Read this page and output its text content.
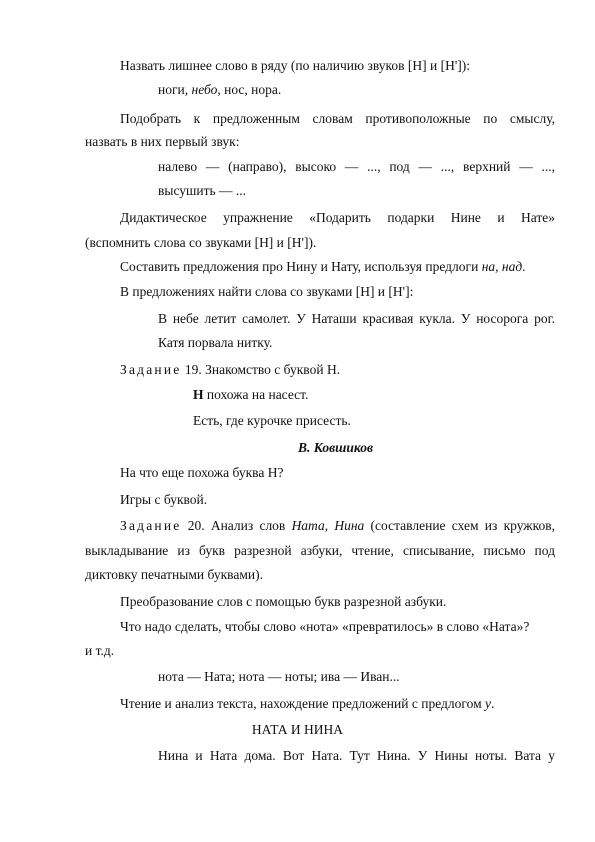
Назвать лишнее слово в ряду (по наличию звуков [Н] и [Н']):
ноги, небо, нос, нора.
Подобрать к предложенным словам противоположные по смыслу,
назвать в них первый звук:
налево — (направо), высоко — ..., под — ..., верхний — ...,
высушить — ...
Дидактическое упражнение «Подарить подарки Нине и Нате»
(вспомнить слова со звуками [Н] и [Н']).
Составить предложения про Нину и Нату, используя предлоги на, над.
В предложениях найти слова со звуками [Н] и [Н']:
В небе летит самолет. У Наташи красивая кукла. У носорога рог.
Катя порвала нитку.
Задание 19. Знакомство с буквой Н.
Н похожа на насест.
Есть, где курочке присесть.
В. Ковшиков
На что еще похожа буква Н?
Игры с буквой.
Задание 20. Анализ слов Ната, Нина (составление схем из кружков,
выкладывание из букв разрезной азбуки, чтение, списывание, письмо под
диктовку печатными буквами).
Преобразование слов с помощью букв разрезной азбуки.
Что надо сделать, чтобы слово «нота» «превратилось» в слово «Ната»?
и т.д.
нота — Ната; нота — ноты; ива — Иван...
Чтение и анализ текста, нахождение предложений с предлогом у.
НАТА И НИНА
Нина и Ната дома. Вот Ната. Тут Нина. У Нины ноты. Вата у
